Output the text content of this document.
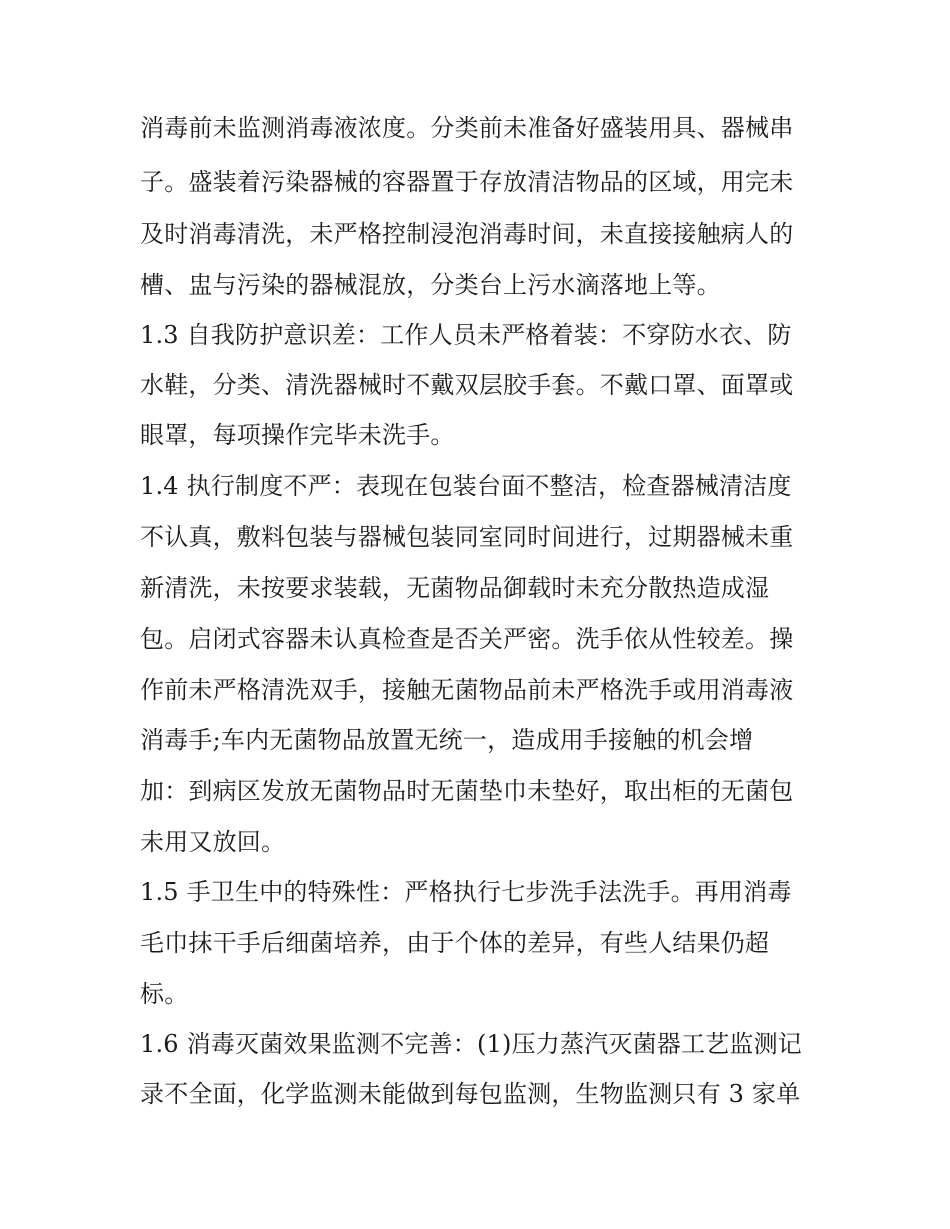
消毒前未监测消毒液浓度。分类前未准备好盛装用具、器械串
子。盛装着污染器械的容器置于存放清洁物品的区域，用完未
及时消毒清洗，未严格控制浸泡消毒时间，未直接接触病人的
槽、盅与污染的器械混放，分类台上污水滴落地上等。
1.3 自我防护意识差：工作人员未严格着装：不穿防水衣、防
水鞋，分类、清洗器械时不戴双层胶手套。不戴口罩、面罩或
眼罩，每项操作完毕未洗手。
1.4 执行制度不严：表现在包装台面不整洁，检查器械清洁度
不认真，敷料包装与器械包装同室同时间进行，过期器械未重
新清洗，未按要求装载，无菌物品御载时未充分散热造成湿
包。启闭式容器未认真检查是否关严密。洗手依从性较差。操
作前未严格清洗双手，接触无菌物品前未严格洗手或用消毒液
消毒手;车内无菌物品放置无统一，造成用手接触的机会增
加：到病区发放无菌物品时无菌垫巾未垫好，取出柜的无菌包
未用又放回。
1.5 手卫生中的特殊性：严格执行七步洗手法洗手。再用消毒
毛巾抹干手后细菌培养，由于个体的差异，有些人结果仍超
标。
1.6 消毒灭菌效果监测不完善：(1)压力蒸汽灭菌器工艺监测记
录不全面，化学监测未能做到每包监测，生物监测只有 3 家单
